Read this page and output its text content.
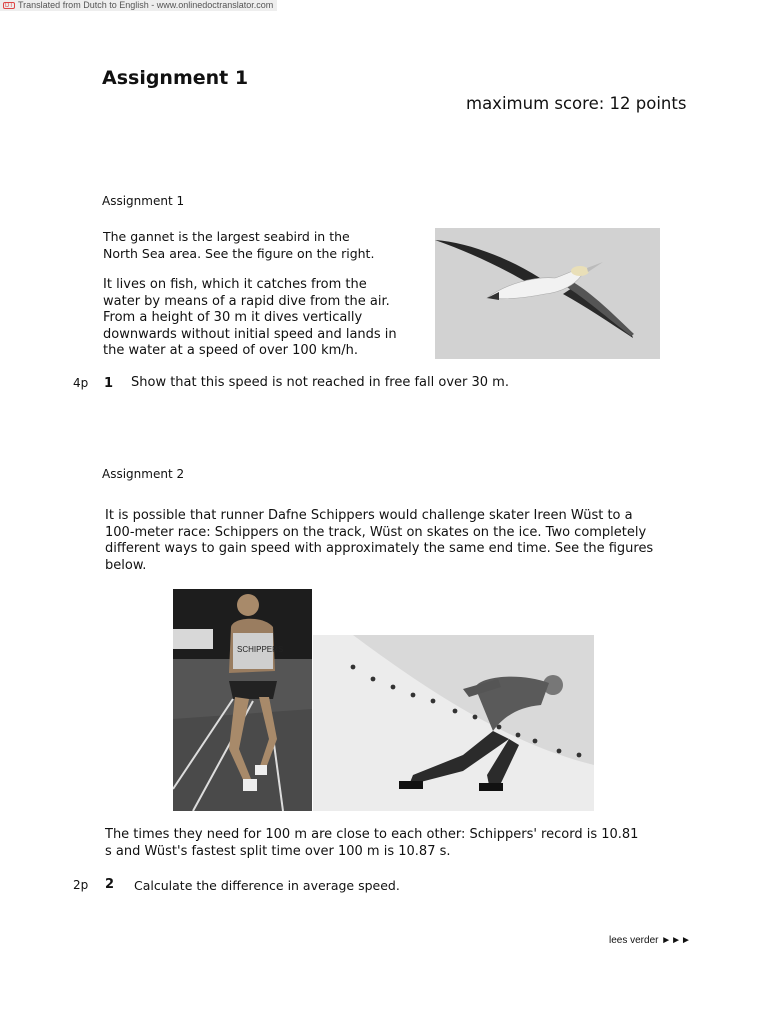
DT Translated from Dutch to English - www.onlinedoctranslator.com
Assignment 1
maximum score: 12 points
Assignment 1
The gannet is the largest seabird in the North Sea area. See the figure on the right.
It lives on fish, which it catches from the water by means of a rapid dive from the air. From a height of 30 m it dives vertically downwards without initial speed and lands in the water at a speed of over 100 km/h.
4p 1 Show that this speed is not reached in free fall over 30 m.
Assignment 2
It is possible that runner Dafne Schippers would challenge skater Ireen Wüst to a 100-meter race: Schippers on the track, Wüst on skates on the ice. Two completely different ways to gain speed with approximately the same end time. See the figures below.
SCHIPPERS
The times they need for 100 m are close to each other: Schippers' record is 10.81 s and Wüst's fastest split time over 100 m is 10.87 s.
2p 2 Calculate the difference in average speed.
lees verder ►►►
